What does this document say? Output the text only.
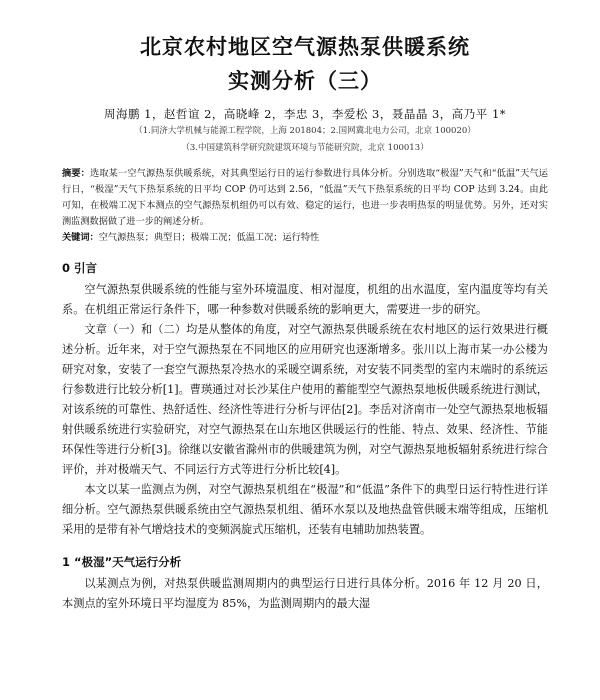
北京农村地区空气源热泵供暖系统
实测分析（三）
周海鹏 1，赵哲谊 2，高晓峰 2，李忠 3，李爱松 3，聂晶晶 3，高乃平 1*
（1.同济大学机械与能源工程学院，上海 201804；2.国网冀北电力公司，北京 100020）
（3.中国建筑科学研究院建筑环境与节能研究院，北京 100013）
摘要：选取某一空气源热泵供暖系统，对其典型运行日的运行参数进行具体分析。分别选取“极湿”天气和“低温”天气运行日，“极湿”天气下热泵系统的日平均 COP 仍可达到 2.56，“低温”天气下热泵系统的日平均 COP 达到 3.24。由此可知，在极端工况下本测点的空气源热泵机组仍可以有效、稳定的运行，也进一步表明热泵的明显优势。另外，还对实测监测数据做了进一步的阐述分析。
关键词：空气源热泵；典型日；极端工况；低温工况；运行特性
0 引言

空气源热泵供暖系统的性能与室外环境温度、相对湿度，机组的出水温度，室内温度等均有关系。在机组正常运行条件下，哪一种参数对供暖系统的影响更大，需要进一步的研究。

文章（一）和（二）均是从整体的角度，对空气源热泵供暖系统在农村地区的运行效果进行概述分析。近年来，对于空气源热泵在不同地区的应用研究也逐渐增多。张川以上海市某一办公楼为研究对象，安装了一套空气源热泵冷热水的采暖空调系统，对安装不同类型的室内末端时的系统运行参数进行比较分析[1]。曹瑛通过对长沙某住户使用的蓄能型空气源热泵地板供暖系统进行测试，对该系统的可靠性、热舒适性、经济性等进行分析与评估[2]。李岳对济南市一处空气源热泵地板辐射供暖系统进行实验研究，对空气源热泵在山东地区供暖运行的性能、特点、效果、经济性、节能环保性等进行分析[3]。徐继以安徽省滁州市的供暖建筑为例，对空气源热泵地板辐射系统进行综合评价，并对极端天气、不同运行方式等进行分析比较[4]。

本文以某一监测点为例，对空气源热泵机组在“极湿”和“低温”条件下的典型日运行特性进行详细分析。空气源热泵供暖系统由空气源热泵机组、循环水泵以及地热盘管供暖末端等组成，压缩机采用的是带有补气增焓技术的变频涡旋式压缩机，还装有电辅助加热装置。

1 “极湿”天气运行分析

以某测点为例，对热泵供暖监测周期内的典型运行日进行具体分析。2016 年 12 月 20 日，本测点的室外环境日平均湿度为 85%，为监测周期内的最大湿
